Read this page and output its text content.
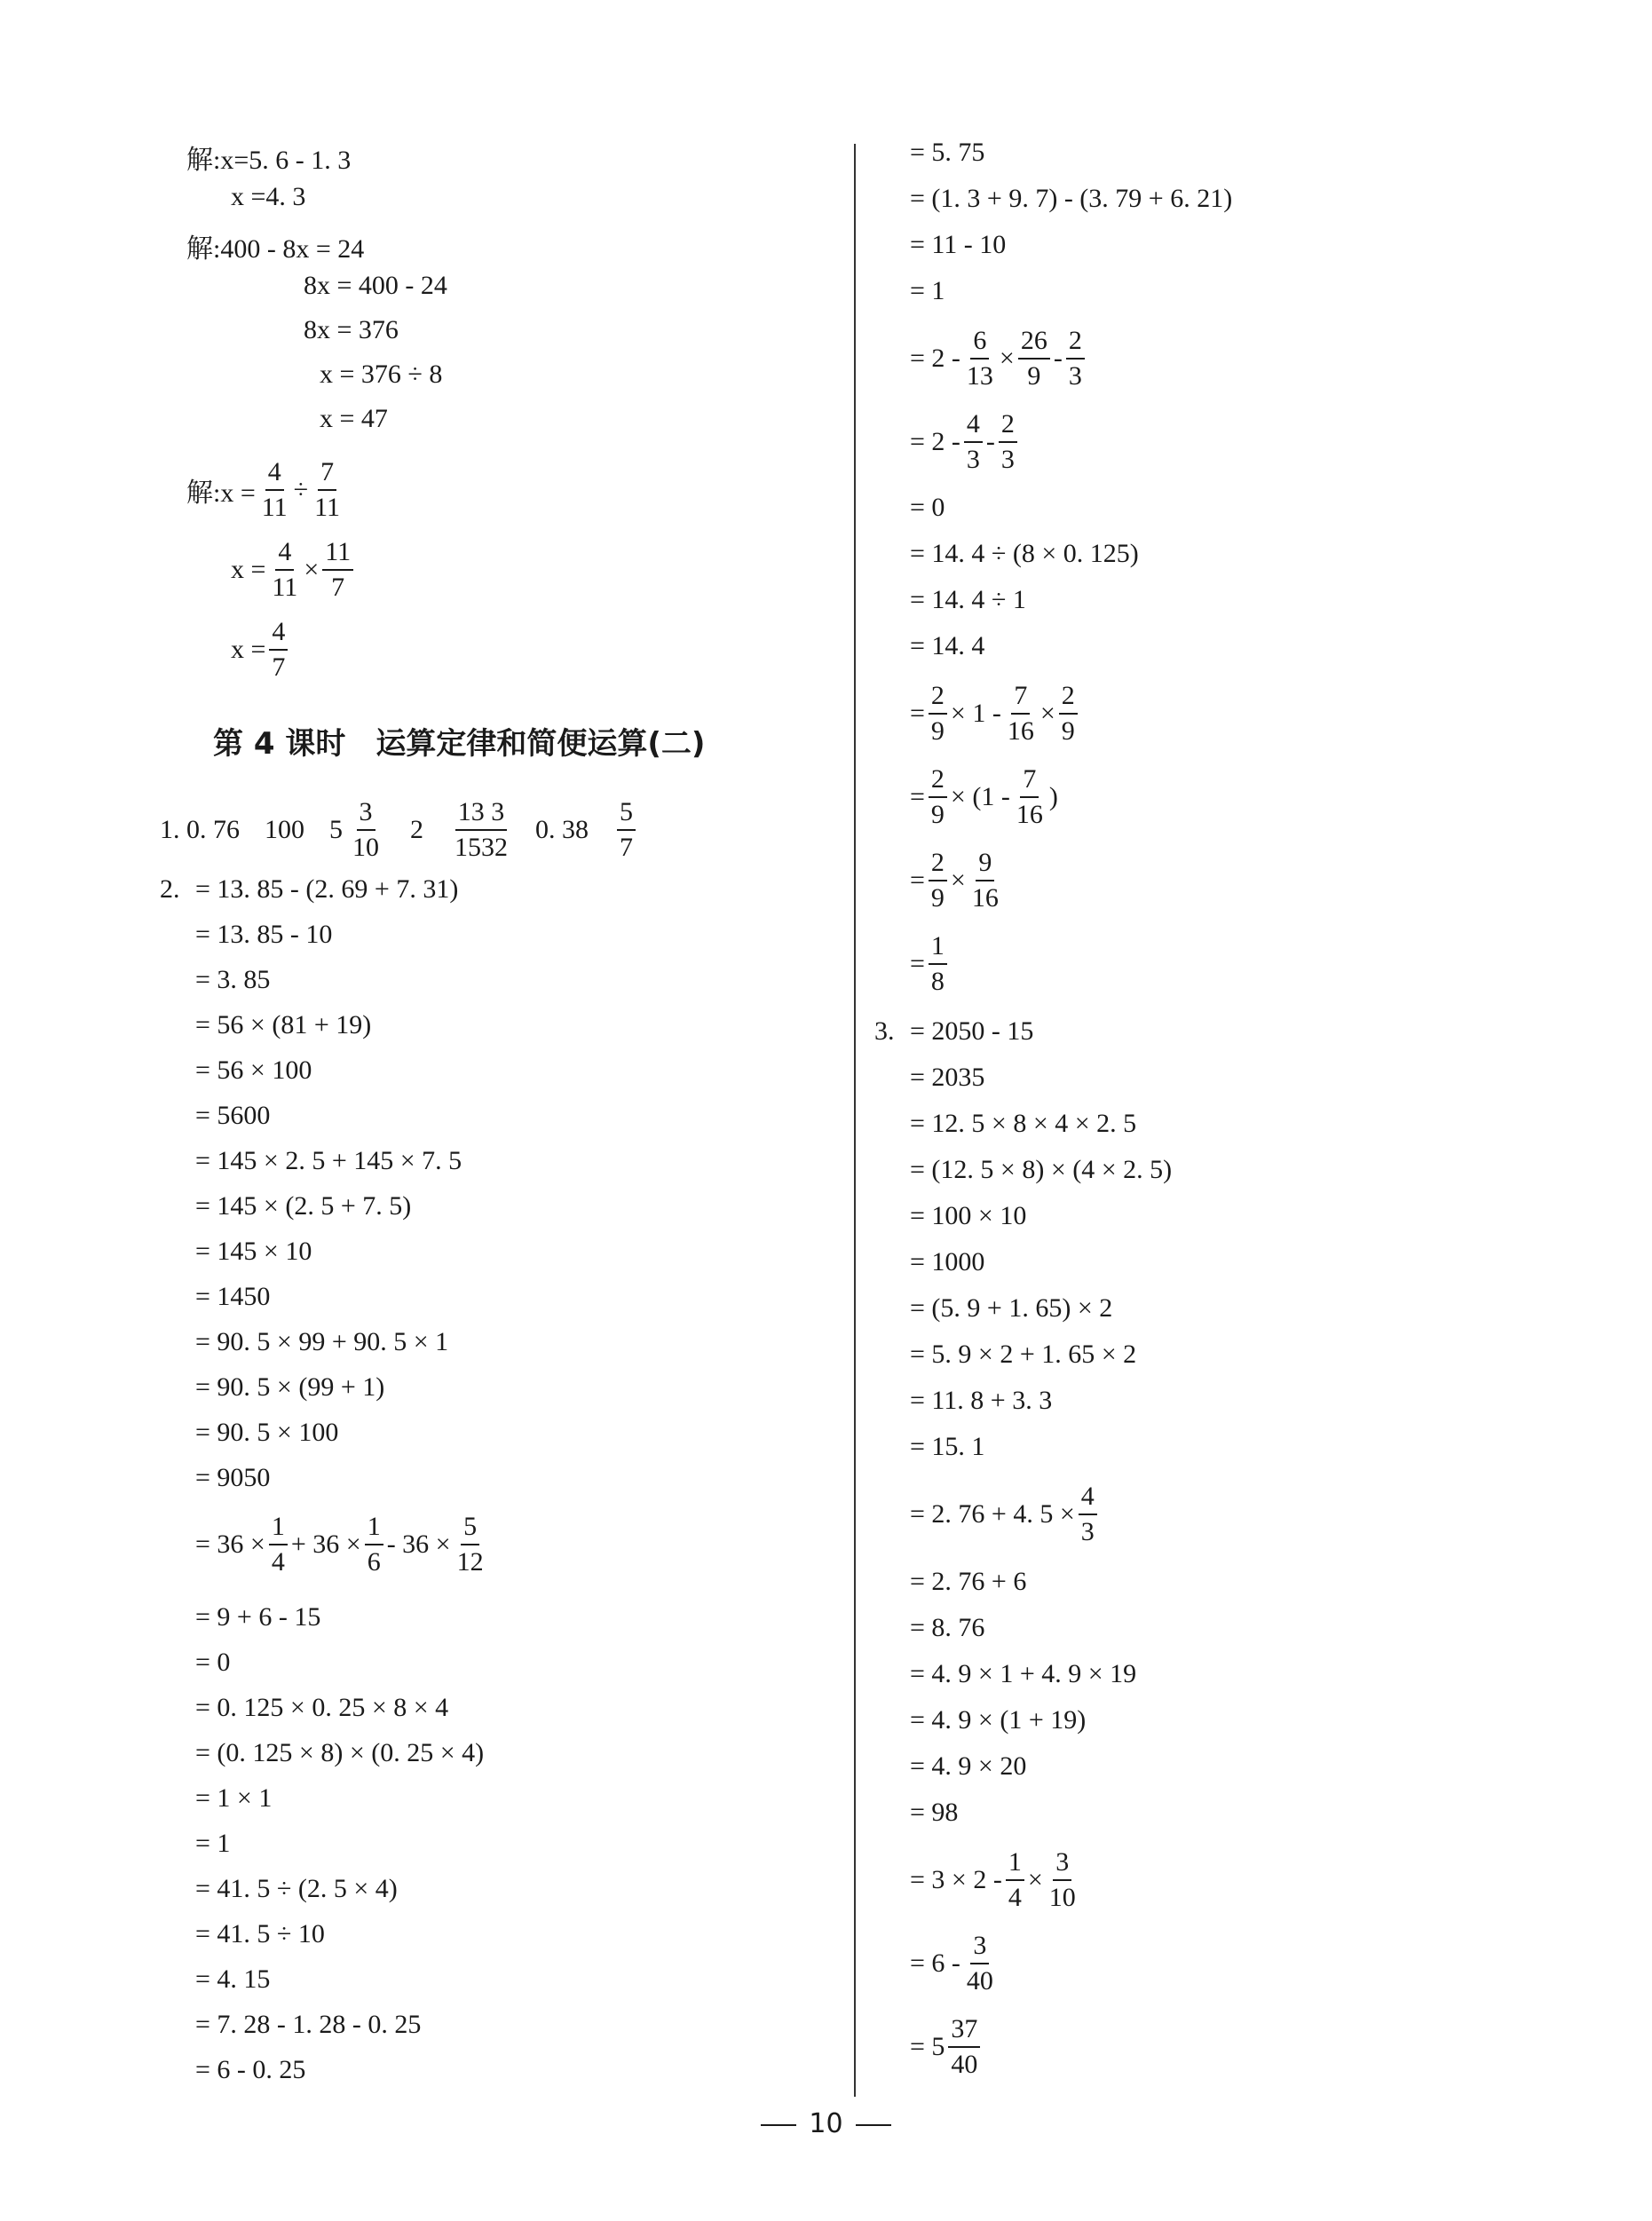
解:x=5. 6 - 1. 3
x =4. 3
解:400 - 8x = 24
8x = 400 - 24
8x = 376
x = 376 ÷ 8
x = 47
解:x = $\frac{4}{11} \div \frac{7}{11}$
$x = \frac{4}{11} \times \frac{11}{7}$
$x = \frac{4}{7}$
第 4 课时　运算定律和简便运算(二)
1. 0. 76 100 $5 \frac{3}{10} 2 \frac{13 3}{1532} 0$. $38 \frac{5}{7}$
2. = 13. 85 - (2. 69 + 7. 31)
= 13. 85 - 10
= 3. 85
= 56 × (81 + 19)
= 56 × 100
= 5600
= 145 × 2. 5 + 145 × 7. 5
= 145 × (2. 5 + 7. 5)
= 145 × 10
= 1450
= 90. 5 × 99 + 90. 5 × 1
= 90. 5 × (99 + 1)
= 90. 5 × 100
= 9050
= $36 \times \frac{1}{4} + 36 \times \frac{1}{6} - 36 \times \frac{5}{12}$
= 9 + 6 - 15
= 0
= 0. 125 × 0. 25 × 8 × 4
= (0. 125 × 8) × (0. 25 × 4)
= 1 × 1
= 1
= 41. 5 ÷ (2. 5 × 4)
= 41. 5 ÷ 10
= 4. 15
= 7. 28 - 1. 28 - 0. 25
= 6 - 0. 25
= 5. 75
= (1. 3 + 9. 7) - (3. 79 + 6. 21)
= 11 - 10
= 1
= $2 - \frac{6}{13} \times \frac{26}{9} - \frac{2}{3}$
= $2 - \frac{4}{3} - \frac{2}{3}$
= 0
= 14. 4 ÷ (8 × 0. 125)
= 14. 4 ÷ 1
= 14. 4
= $\frac{2}{9} \times 1 - \frac{7}{16} \times \frac{2}{9}$
= $\frac{2}{9} \times (1 - \frac{7}{16}$ )
= $\frac{2}{9} \times \frac{9}{16}$
= $\frac{1}{8}$
3. = 2050 - 15
= 2035
= 12. 5 × 8 × 4 × 2. 5
= (12. 5 × 8) × (4 × 2. 5)
= 100 × 10
= 1000
= (5. 9 + 1. 65) × 2
= 5. 9 × 2 + 1. 65 × 2
= 11. 8 + 3. 3
= 15. 1
= 2. 76 + 4. $5 \times \frac{4}{3}$
= 2. 76 + 6
= 8. 76
= 4. 9 × 1 + 4. 9 × 19
= 4. 9 × (1 + 19)
= 4. 9 × 20
= 98
= $3 \times 2 - \frac{1}{4} \times \frac{3}{10}$
= $6 - \frac{3}{40}$
= $5 \frac{37}{40}$
10
